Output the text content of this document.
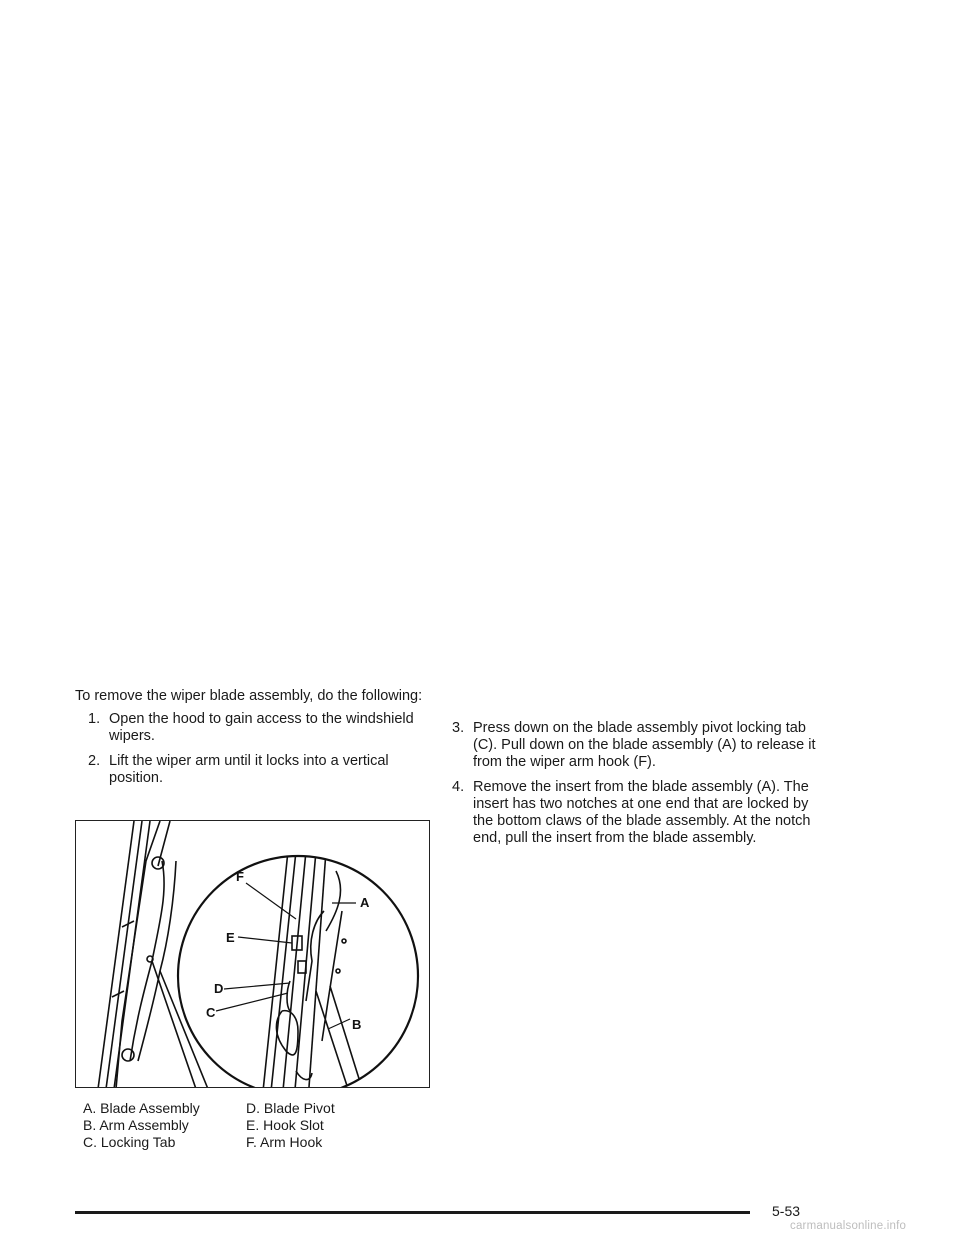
To remove the wiper blade assembly, do the following:

1. Open the hood to gain access to the windshield wipers.
2. Lift the wiper arm until it locks into a vertical position.
F
A
E
D
C
B
A. Blade Assembly
B. Arm Assembly
C. Locking Tab
D. Blade Pivot
E. Hook Slot
F. Arm Hook
3. Press down on the blade assembly pivot locking tab (C). Pull down on the blade assembly (A) to release it from the wiper arm hook (F).
4. Remove the insert from the blade assembly (A). The insert has two notches at one end that are locked by the bottom claws of the blade assembly. At the notch end, pull the insert from the blade assembly.
5-53
carmanualsonline.info
